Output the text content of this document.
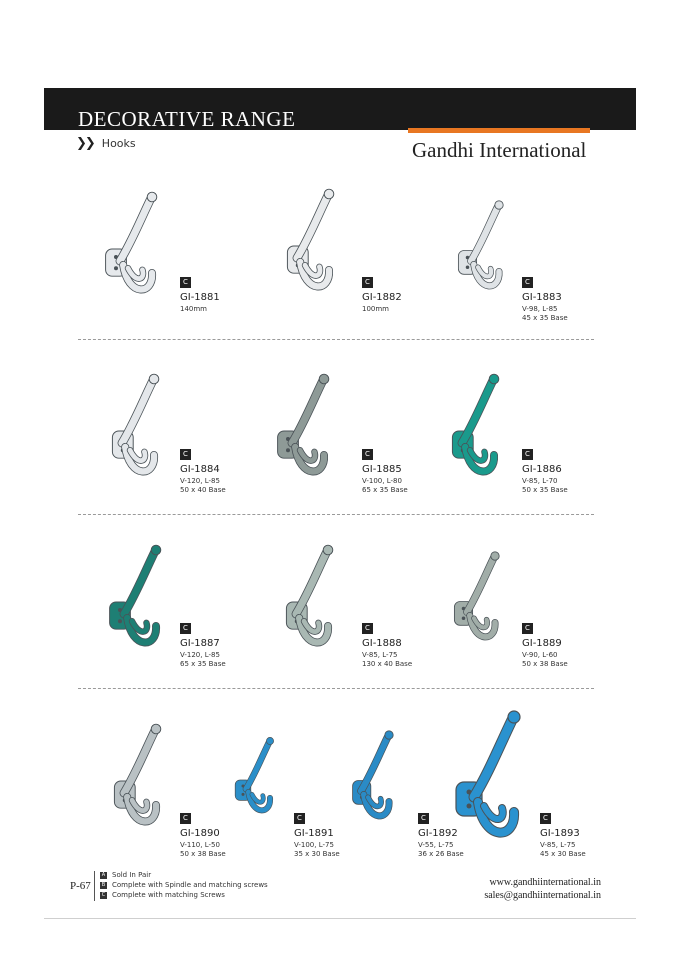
DECORATIVE RANGE
❯❯ Hooks	Gandhi International
C
GI-1881
140mm
C
GI-1882
100mm
C
GI-1883
V-98, L-85
45 x 35 Base
C
GI-1884
V-120, L-85
50 x 40 Base
C
GI-1885
V-100, L-80
65 x 35 Base
C
GI-1886
V-85, L-70
50 x 35 Base
C
GI-1887
V-120, L-85
65 x 35 Base
C
GI-1888
V-85, L-75
130 x 40 Base
C
GI-1889
V-90, L-60
50 x 38 Base
C
GI-1890
V-110, L-50
50 x 38 Base
C
GI-1891
V-100, L-75
35 x 30 Base
C
GI-1892
V-55, L-75
36 x 26 Base
C
GI-1893
V-85, L-75
45 x 30 Base
P-67
A Sold In Pair
B Complete with Spindle and matching screws
C Complete with matching Screws
www.gandhiinternational.in
sales@gandhiinternational.in
